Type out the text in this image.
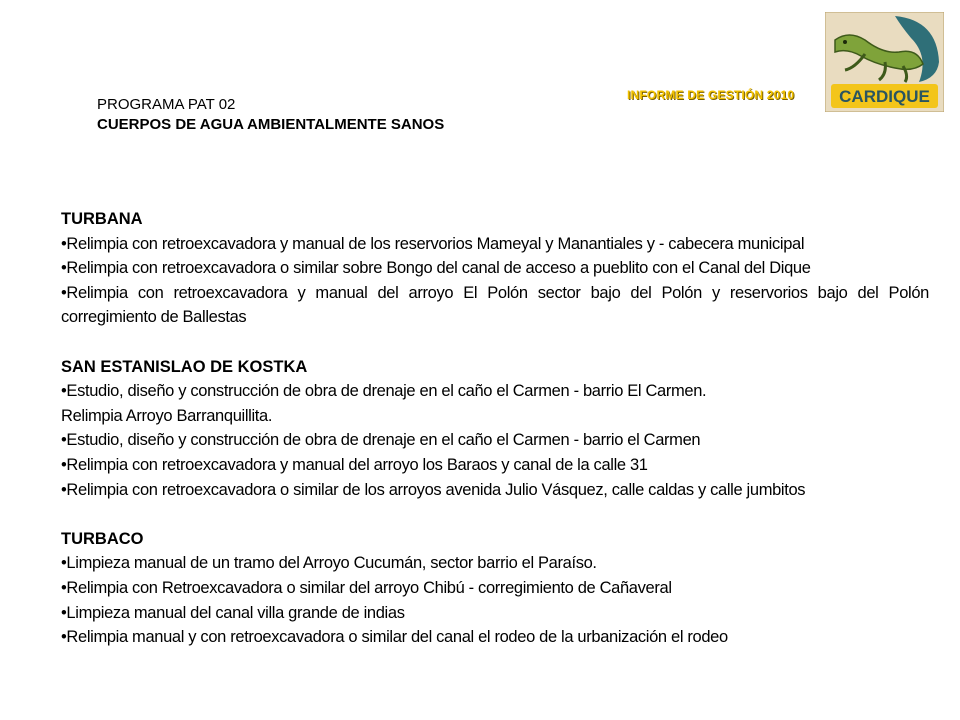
INFORME DE GESTIÓN 2010	CARDIQUE
PROGRAMA PAT 02
CUERPOS DE AGUA AMBIENTALMENTE SANOS
TURBANA
•Relimpia con retroexcavadora y manual de los reservorios Mameyal y Manantiales y - cabecera municipal
•Relimpia con retroexcavadora o similar sobre Bongo del canal de acceso a pueblito con el Canal del Dique
•Relimpia con retroexcavadora y manual del arroyo El Polón sector bajo del Polón y reservorios bajo del Polón corregimiento de Ballestas
SAN ESTANISLAO DE KOSTKA
•Estudio, diseño y construcción de obra de drenaje en el caño el Carmen - barrio El Carmen.
Relimpia Arroyo Barranquillita.
•Estudio, diseño y construcción de obra de drenaje en el caño el Carmen - barrio el Carmen
•Relimpia con retroexcavadora y manual del arroyo los Baraos y canal de la calle 31
•Relimpia con retroexcavadora o similar de los arroyos avenida Julio Vásquez, calle caldas y calle jumbitos
TURBACO
•Limpieza manual de un tramo del Arroyo Cucumán, sector barrio el Paraíso.
•Relimpia con Retroexcavadora o similar del arroyo Chibú - corregimiento de Cañaveral
•Limpieza manual del canal villa grande de indias
•Relimpia manual y con retroexcavadora o similar del canal el rodeo de la urbanización el rodeo
